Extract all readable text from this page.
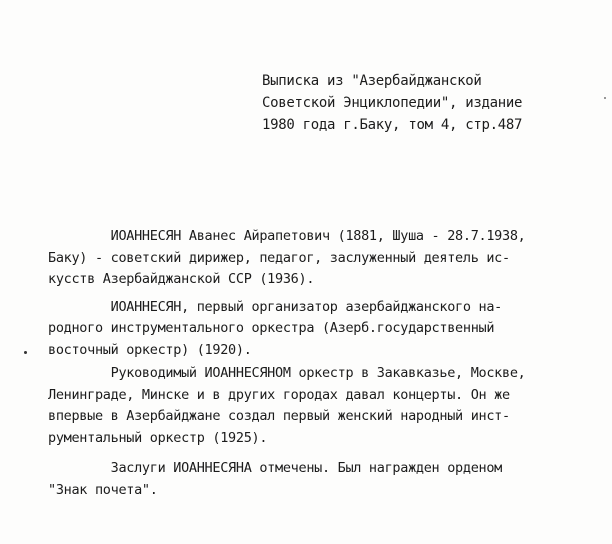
Выписка из "Азербайджанской
Советской Энциклопедии", издание
1980 года г.Баку, том 4, стр.487

ИОАННЕСЯН Аванес Айрапетович (1881, Шуша - 28.7.1938,
Баку) - советский дирижер, педагог, заслуженный деятель ис-
кусств Азербайджанской ССР (1936).

ИОАННЕСЯН, первый организатор азербайджанского на-
родного инструментального оркестра (Азерб.государственный
восточный оркестр) (1920).

Руководимый ИОАННЕСЯНОМ оркестр в Закавказье, Москве,
Ленинграде, Минске и в других городах давал концерты. Он же
впервые в Азербайджане создал первый женский народный инст-
рументальный оркестр (1925).

Заслуги ИОАННЕСЯНА отмечены. Был награжден орденом
"Знак почета".
